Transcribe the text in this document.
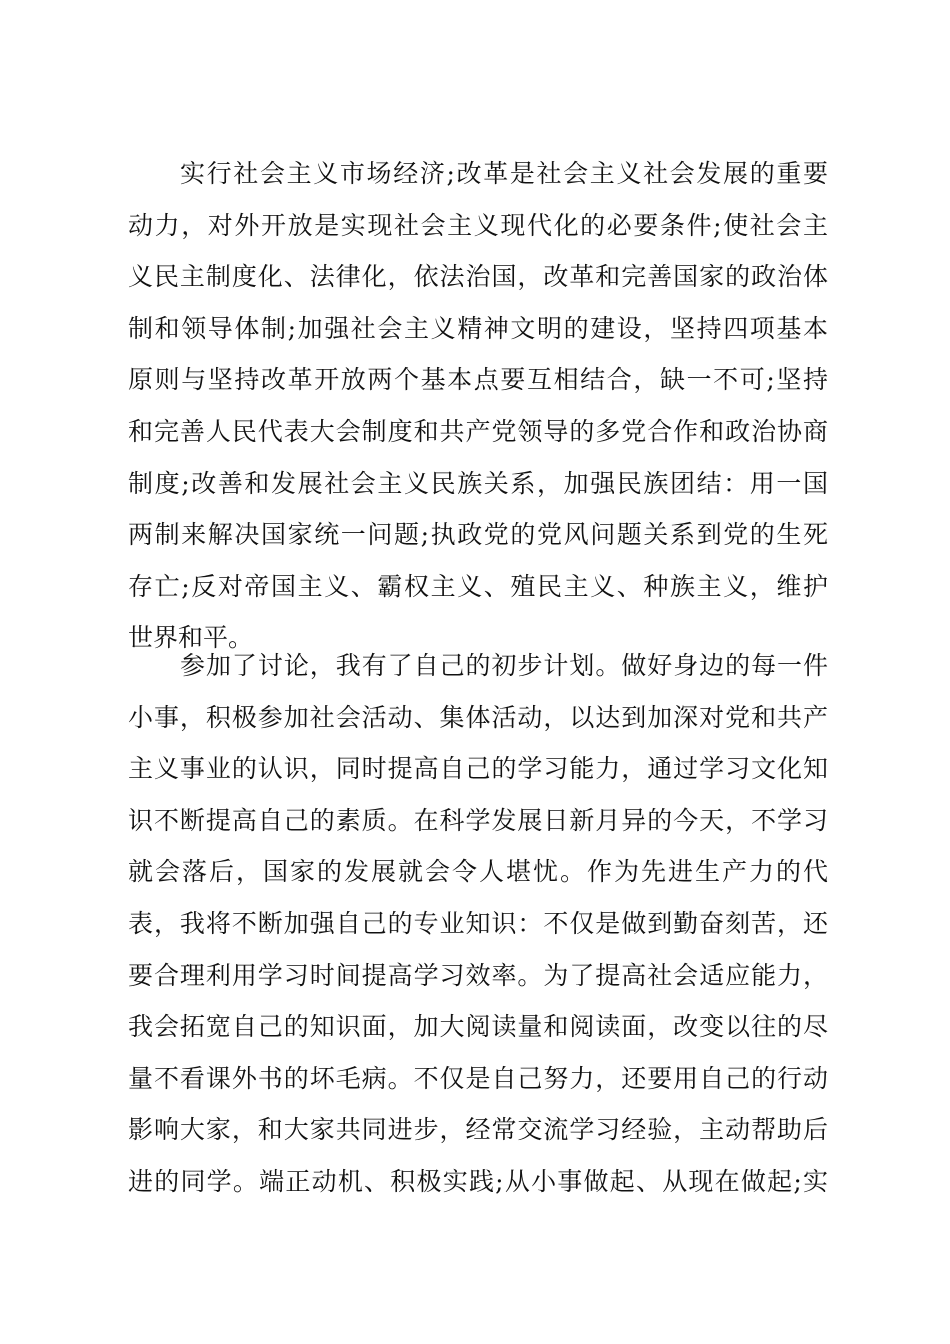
实行社会主义市场经济;改革是社会主义社会发展的重要
动力，对外开放是实现社会主义现代化的必要条件;使社会主
义民主制度化、法律化，依法治国，改革和完善国家的政治体
制和领导体制;加强社会主义精神文明的建设，坚持四项基本
原则与坚持改革开放两个基本点要互相结合，缺一不可;坚持
和完善人民代表大会制度和共产党领导的多党合作和政治协商
制度;改善和发展社会主义民族关系，加强民族团结：用一国
两制来解决国家统一问题;执政党的党风问题关系到党的生死
存亡;反对帝国主义、霸权主义、殖民主义、种族主义，维护
世界和平。
参加了讨论，我有了自己的初步计划。做好身边的每一件
小事，积极参加社会活动、集体活动，以达到加深对党和共产
主义事业的认识，同时提高自己的学习能力，通过学习文化知
识不断提高自己的素质。在科学发展日新月异的今天，不学习
就会落后，国家的发展就会令人堪忧。作为先进生产力的代
表，我将不断加强自己的专业知识：不仅是做到勤奋刻苦，还
要合理利用学习时间提高学习效率。为了提高社会适应能力，
我会拓宽自己的知识面，加大阅读量和阅读面，改变以往的尽
量不看课外书的坏毛病。不仅是自己努力，还要用自己的行动
影响大家，和大家共同进步，经常交流学习经验，主动帮助后
进的同学。端正动机、积极实践;从小事做起、从现在做起;实
